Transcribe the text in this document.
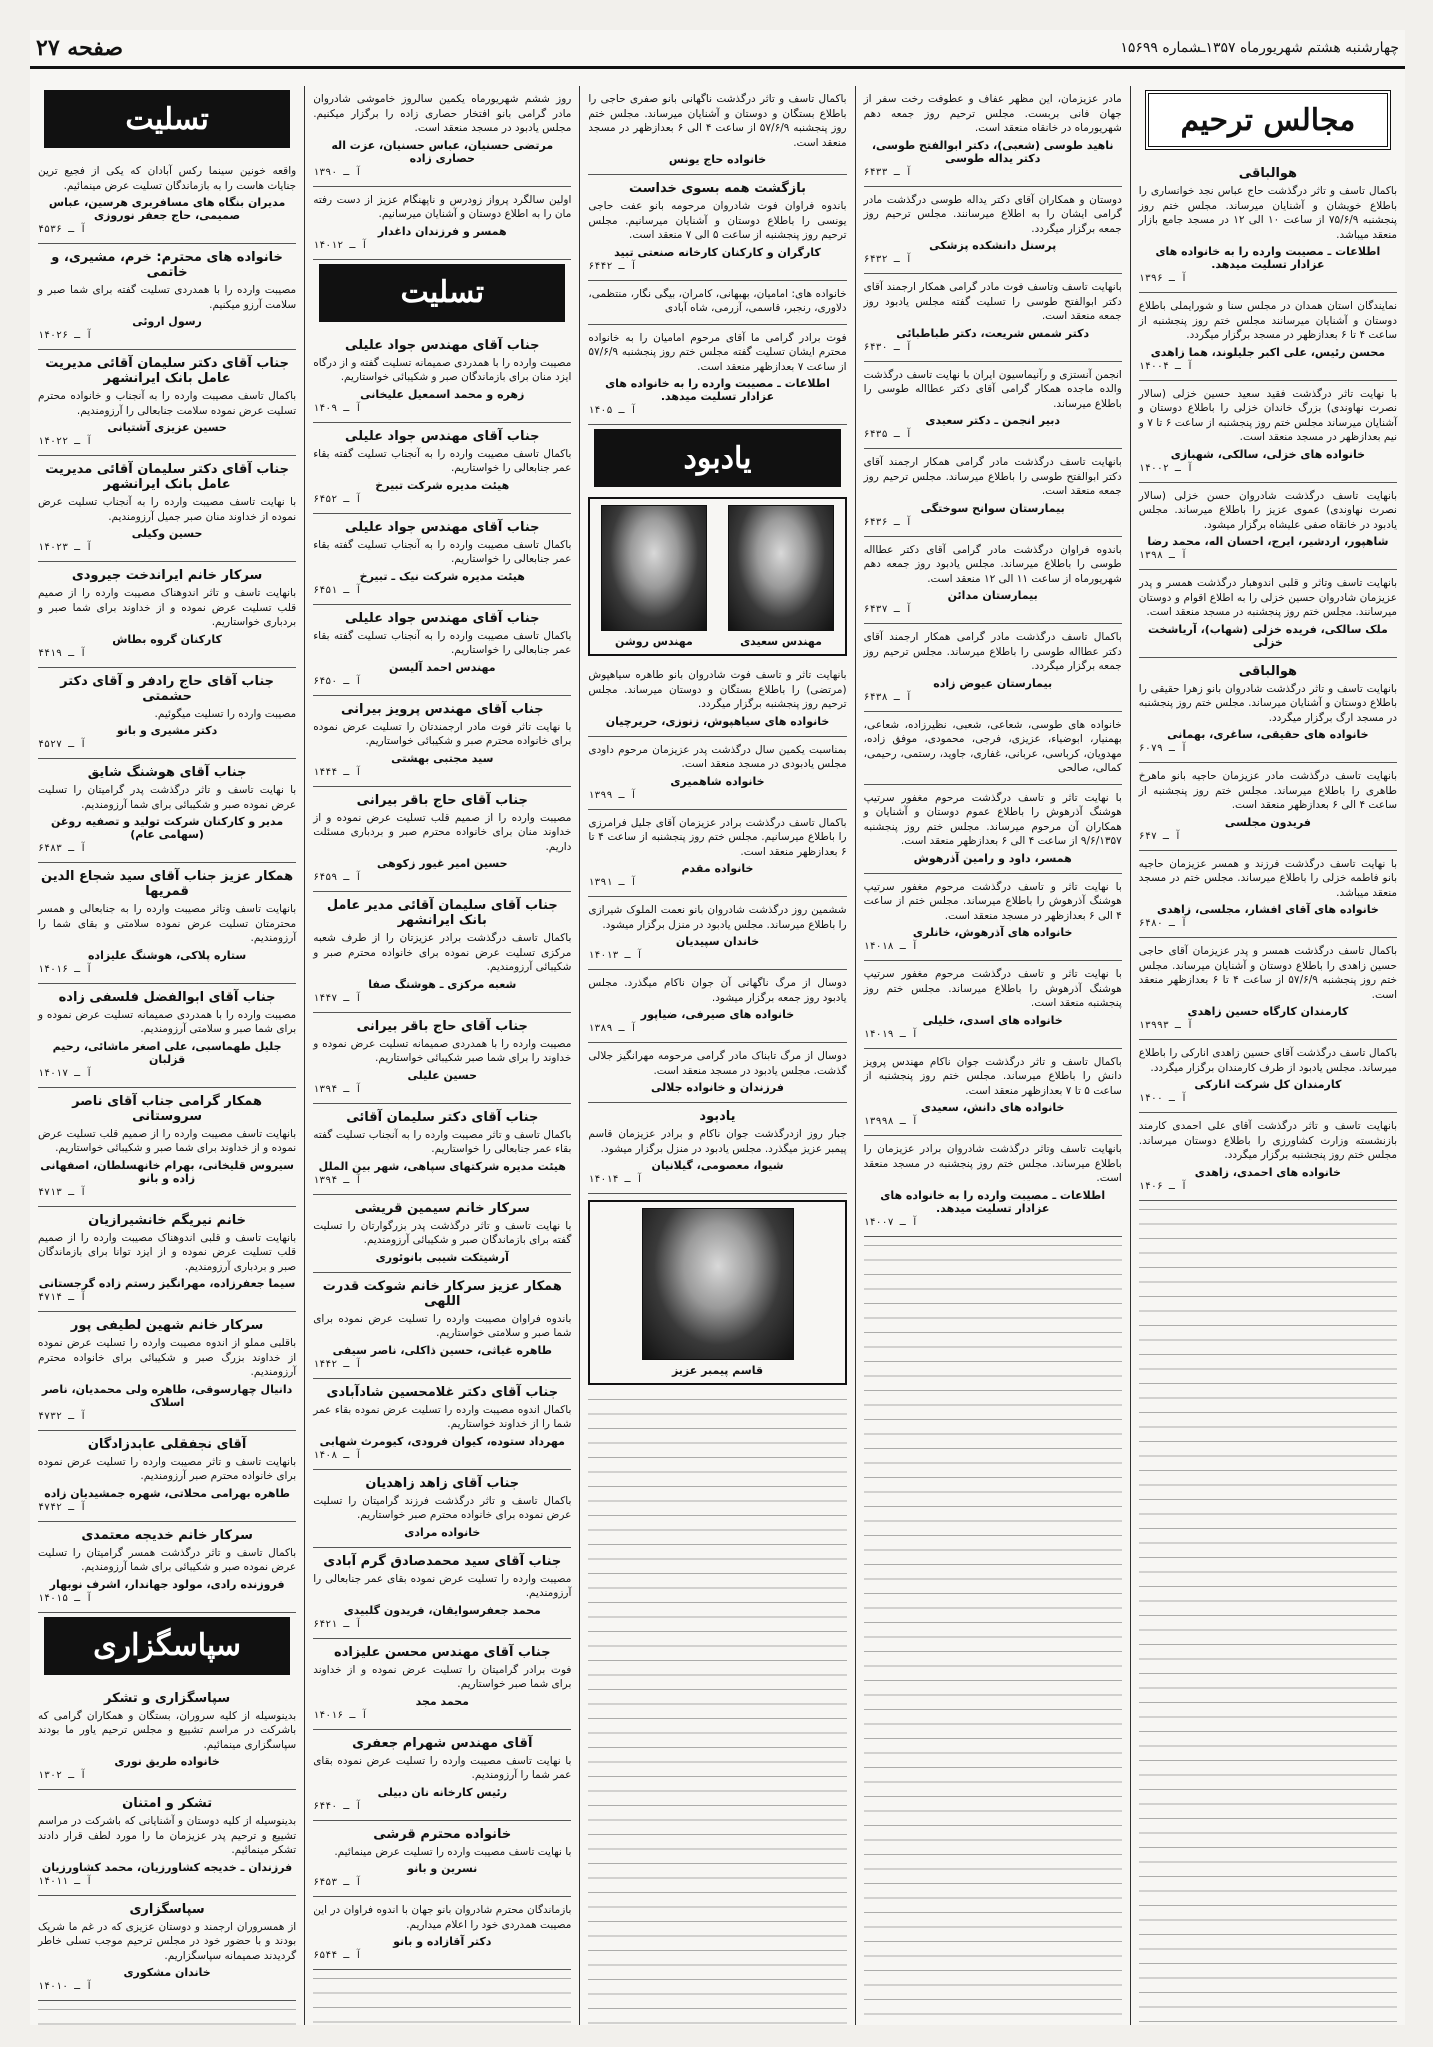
چهارشنبه هشتم شهریورماه ۱۳۵۷ـشماره ۱۵۶۹۹
صفحه ۲۷
مجالس ترحیم
هوالباقی
باکمال تاسف و تاثر درگذشت حاج عباس نجد خوانساری را باطلاع خویشان و آشنایان میرساند. مجلس ختم روز پنجشنبه ۷۵/۶/۹ از ساعت ۱۰ الی ۱۲ در مسجد جامع بازار منعقد میباشد.
اطلاعات ـ مصیبت وارده را به خانواده های عزادار تسلیت میدهد.
آ ـ ۱۳۹۶
نمایندگان استان همدان در مجلس سنا و شورایملی باطلاع دوستان و آشنایان میرسانند مجلس ختم روز پنجشنبه از ساعت ۴ تا ۶ بعدازظهر در مسجد برگزار میگردد.
محسن رئیس، علی اکبر جلیلوند، هما زاهدی
آ ـ ۱۴۰۰۴
با نهایت تاثر درگذشت فقید سعید حسین خزلی (سالار نصرت نهاوندی) بزرگ خاندان خزلی را باطلاع دوستان و آشنایان میرساند مجلس ختم روز پنجشنبه از ساعت ۶ تا ۷ و نیم بعدازظهر در مسجد منعقد است.
خانواده های خزلی، سالکی، شهبازی
آ ـ ۱۴۰۰۲
بانهایت تاسف درگذشت شادروان حسن خزلی (سالار نصرت نهاوندی) عموی عزیز را باطلاع میرساند. مجلس یادبود در خانقاه صفی علیشاه برگزار میشود.
شاهپور، اردشیر، ایرج، احسان اله، محمد رضا
آ ـ ۱۳۹۸
بانهایت تاسف وتاثر و قلبی اندوهبار درگذشت همسر و پدر عزیزمان شادروان حسین خزلی را به اطلاع اقوام و دوستان میرسانند. مجلس ختم روز پنجشنبه در مسجد منعقد است.
ملک سالکی، فریده خزلی (شهاب)، آریاشخت خزلی
هوالباقی
بانهایت تاسف و تاثر درگذشت شادروان بانو زهرا حقیقی را باطلاع دوستان و آشنایان میرساند. مجلس ختم روز پنجشنبه در مسجد ارگ برگزار میگردد.
خانواده های حقیقی، ساغری، بهمانی
آ ـ ۶۰۷۹
بانهایت تاسف درگذشت مادر عزیزمان حاجیه بانو ماهرخ طاهری را باطلاع میرساند. مجلس ختم روز پنجشنبه از ساعت ۴ الی ۶ بعدازظهر منعقد است.
فریدون مجلسی
آ ـ ۶۴۷
با نهایت تاسف درگذشت فرزند و همسر عزیزمان حاجیه بانو فاطمه خزلی را باطلاع میرساند. مجلس ختم در مسجد منعقد میباشد.
خانواده های آقای افشار، مجلسی، زاهدی
آ ـ ۶۴۸۰
باکمال تاسف درگذشت همسر و پدر عزیزمان آقای حاجی حسین زاهدی را باطلاع دوستان و آشنایان میرساند. مجلس ختم روز پنجشنبه ۵۷/۶/۹ از ساعت ۴ تا ۶ بعدازظهر منعقد است.
کارمندان کارگاه حسین زاهدی
آ ـ ۱۳۹۹۳
باکمال تاسف درگذشت آقای حسین زاهدی انارکی را باطلاع میرساند. مجلس یادبود از طرف کارمندان برگزار میگردد.
کارمندان کل شرکت انارکی
آ ـ ۱۴۰۰
بانهایت تاسف و تاثر درگذشت آقای علی احمدی کارمند بازنشسته وزارت کشاورزی را باطلاع دوستان میرساند. مجلس ختم روز پنجشنبه برگزار میگردد.
خانواده های احمدی، زاهدی
آ ـ ۱۴۰۶
مادر عزیزمان، این مظهر عفاف و عطوفت رخت سفر از جهان فانی بربست. مجلس ترحیم روز جمعه دهم شهریورماه در خانقاه منعقد است.
ناهید طوسی (شعبی)، دکتر ابوالفتح طوسی، دکتر یداله طوسی
آ ـ ۶۴۳۳
دوستان و همکاران آقای دکتر یداله طوسی درگذشت مادر گرامی ایشان را به اطلاع میرسانند. مجلس ترحیم روز جمعه برگزار میگردد.
پرسنل دانشکده پزشکی
آ ـ ۶۴۳۲
بانهایت تاسف وتاسف فوت مادر گرامی همکار ارجمند آقای دکتر ابوالفتح طوسی را تسلیت گفته مجلس یادبود روز جمعه منعقد است.
دکتر شمس شریعت، دکتر طباطبائی
آ ـ ۶۴۳۰
انجمن آنستزی و رآنیماسیون ایران با نهایت تاسف درگذشت والده ماجده همکار گرامی آقای دکتر عطااله طوسی را باطلاع میرساند.
دبیر انجمن ـ دکتر سعیدی
آ ـ ۶۴۳۵
بانهایت تاسف درگذشت مادر گرامی همکار ارجمند آقای دکتر ابوالفتح طوسی را باطلاع میرساند. مجلس ترحیم روز جمعه منعقد است.
بیمارستان سوانح سوختگی
آ ـ ۶۴۳۶
باندوه فراوان درگذشت مادر گرامی آقای دکتر عطااله طوسی را باطلاع میرساند. مجلس یادبود روز جمعه دهم شهریورماه از ساعت ۱۱ الی ۱۲ منعقد است.
بیمارستان مدائن
آ ـ ۶۴۳۷
باکمال تاسف درگذشت مادر گرامی همکار ارجمند آقای دکتر عطااله طوسی را باطلاع میرساند. مجلس ترحیم روز جمعه برگزار میگردد.
بیمارستان عیوض زاده
آ ـ ۶۴۳۸
خانواده های طوسی، شعاعی، شعبی، نظیرزاده، شعاعی، بهمنیار، ابوضیاء، عزیزی، فرجی، محمودی، موفق زاده، مهدویان، کرباسی، عربانی، غفاری، جاوید، رستمی، رحیمی، کمالی، صالحی
با نهایت تاثر و تاسف درگذشت مرحوم مغفور سرتیپ هوشنگ آذرهوش را باطلاع عموم دوستان و آشنایان و همکاران آن مرحوم میرساند. مجلس ختم روز پنجشنبه ۹/۶/۱۳۵۷ از ساعت ۴ الی ۶ بعدازظهر منعقد است.
همسر، داود و رامین آذرهوش
با نهایت تاثر و تاسف درگذشت مرحوم مغفور سرتیپ هوشنگ آذرهوش را باطلاع میرساند. مجلس ختم از ساعت ۴ الی ۶ بعدازظهر در مسجد منعقد است.
خانواده های آذرهوش، خانلری
آ ـ ۱۴۰۱۸
با نهایت تاثر و تاسف درگذشت مرحوم مغفور سرتیپ هوشنگ آذرهوش را باطلاع میرساند. مجلس ختم روز پنجشنبه منعقد است.
خانواده های اسدی، خلیلی
آ ـ ۱۴۰۱۹
باکمال تاسف و تاثر درگذشت جوان ناکام مهندس پرویز دانش را باطلاع میرساند. مجلس ختم روز پنجشنبه از ساعت ۵ تا ۷ بعدازظهر منعقد است.
خانواده های دانش، سعیدی
آ ـ ۱۳۹۹۸
بانهایت تاسف وتاثر درگذشت شادروان برادر عزیزمان را باطلاع میرساند. مجلس ختم روز پنجشنبه در مسجد منعقد است.
اطلاعات ـ مصیبت وارده را به خانواده های عزادار تسلیت میدهد.
آ ـ ۱۴۰۰۷
باکمال تاسف و تاثر درگذشت ناگهانی بانو صفری حاجی را باطلاع بستگان و دوستان و آشنایان میرساند. مجلس ختم روز پنجشنبه ۵۷/۶/۹ از ساعت ۴ الی ۶ بعدازظهر در مسجد منعقد است.
خانواده حاج یونس
بازگشت همه بسوی خداست
باندوه فراوان فوت شادروان مرحومه بانو عفت حاجی یونسی را باطلاع دوستان و آشنایان میرسانیم. مجلس ترحیم روز پنجشنبه از ساعت ۵ الی ۷ منعقد است.
کارگران و کارکنان کارخانه صنعتی تبید
آ ـ ۶۴۴۲
خانواده های: امامیان، بهبهانی، کامران، بیگی نگار، منتظمی، دلاوری، رنجبر، قاسمی، آزرمی، شاه آبادی
فوت برادر گرامی ما آقای مرحوم امامیان را به خانواده محترم ایشان تسلیت گفته مجلس ختم روز پنجشنبه ۵۷/۶/۹ از ساعت ۷ بعدازظهر منعقد است.
اطلاعات ـ مصیبت وارده را به خانواده های عزادار تسلیت میدهد.
آ ـ ۱۴۰۵
یادبود
مهندس سعیدی
مهندس روشن
بانهایت تاثر و تاسف فوت شادروان بانو طاهره سیاهپوش (مرتضی) را باطلاع بستگان و دوستان میرساند. مجلس ترحیم روز پنجشنبه برگزار میگردد.
خانواده های سیاهپوش، زنوزی، حریرچیان
بمناسبت یکمین سال درگذشت پدر عزیزمان مرحوم داودی مجلس یادبودی در مسجد منعقد است.
خانواده شاهمیری
آ ـ ۱۳۹۹
باکمال تاسف درگذشت برادر عزیزمان آقای جلیل فرامرزی را باطلاع میرسانیم. مجلس ختم روز پنجشنبه از ساعت ۴ تا ۶ بعدازظهر منعقد است.
خانواده مقدم
آ ـ ۱۳۹۱
ششمین روز درگذشت شادروان بانو نعمت الملوک شیرازی را باطلاع میرساند. مجلس یادبود در منزل برگزار میشود.
خاندان سپیدیان
آ ـ ۱۴۰۱۳
دوسال از مرگ ناگهانی آن جوان ناکام میگذرد. مجلس یادبود روز جمعه برگزار میشود.
خانواده های صیرفی، ضیاپور
آ ـ ۱۳۸۹
دوسال از مرگ تابناک مادر گرامی مرحومه مهرانگیز جلالی گذشت. مجلس یادبود در مسجد منعقد است.
فرزندان و خانواده جلالی
یادبود
جبار روز ازدرگذشت جوان ناکام و برادر عزیزمان قاسم پیمبر عزیز میگذرد. مجلس یادبود در منزل برگزار میشود.
شیوا، معصومی، گیلانیان
آ ـ ۱۴۰۱۴
قاسم پیمبر عزیز
روز ششم شهریورماه یکمین سالروز خاموشی شادروان مادر گرامی بانو افتخار حصاری زاده را برگزار میکنیم. مجلس یادبود در مسجد منعقد است.
مرتضی حسنیان، عباس حسنیان، عزت اله حصاری زاده
آ ـ ۱۳۹۰
اولین سالگرد پرواز زودرس و ناپهنگام عزیز از دست رفته مان را به اطلاع دوستان و آشنایان میرسانیم.
همسر و فرزندان داغدار
آ ـ ۱۴۰۱۲
تسلیت
جناب آقای مهندس جواد علیلی
مصیبت وارده را با همدردی صمیمانه تسلیت گفته و از درگاه ایزد منان برای بازماندگان صبر و شکیبائی خواستاریم.
زهره و محمد اسمعیل علیخانی
آ ـ ۱۴۰۹
جناب آقای مهندس جواد علیلی
باکمال تاسف مصیبت وارده را به آنجناب تسلیت گفته بقاء عمر جنابعالی را خواستاریم.
هیئت مدیره شرکت تبیرخ
آ ـ ۶۴۵۲
جناب آقای مهندس جواد علیلی
باکمال تاسف مصیبت وارده را به آنجناب تسلیت گفته بقاء عمر جنابعالی را خواستاریم.
هیئت مدیره شرکت نیک ـ تبیرخ
آ ـ ۶۴۵۱
جناب آقای مهندس جواد علیلی
باکمال تاسف مصیبت وارده را به آنجناب تسلیت گفته بقاء عمر جنابعالی را خواستاریم.
مهندس احمد آلیسن
آ ـ ۶۴۵۰
جناب آقای مهندس پرویز بیرانی
با نهایت تاثر فوت مادر ارجمندتان را تسلیت عرض نموده برای خانواده محترم صبر و شکیبائی خواستاریم.
سید مجتبی بهشتی
آ ـ ۱۴۴۴
جناب آقای حاج باقر بیرانی
مصیبت وارده را از صمیم قلب تسلیت عرض نموده و از خداوند منان برای خانواده محترم صبر و بردباری مسئلت داریم.
حسین امیر غیور زکوهی
آ ـ ۶۴۵۹
جناب آقای سلیمان آقائی مدیر عامل بانک ایرانشهر
باکمال تاسف درگذشت برادر عزیزتان را از طرف شعبه مرکزی تسلیت عرض نموده برای خانواده محترم صبر و شکیبائی آرزومندیم.
شعبه مرکزی ـ هوشنگ صفا
آ ـ ۱۴۴۷
جناب آقای حاج باقر بیرانی
مصیبت وارده را با همدردی صمیمانه تسلیت عرض نموده و خداوند را برای شما صبر شکیبائی خواستاریم.
حسین علیلی
آ ـ ۱۳۹۴
جناب آقای دکتر سلیمان آقائی
باکمال تاسف و تاثر مصیبت وارده را به آنجناب تسلیت گفته بقاء عمر جنابعالی را خواستاریم.
هیئت مدیره شرکتهای سپاهی، شهر بین الملل
آ ـ ۱۳۹۴
سرکار خانم سیمین قریشی
با نهایت تاسف و تاثر درگذشت پدر بزرگوارتان را تسلیت گفته برای بازماندگان صبر و شکیبائی آرزومندیم.
آرشیتکت شیبی بانوئوری
همکار عزیز سرکار خانم شوکت قدرت اللهی
باندوه فراوان مصیبت وارده را تسلیت عرض نموده برای شما صبر و سلامتی خواستاریم.
طاهره غیاثی، حسین ذاکلی، ناصر سیفی
آ ـ ۱۴۴۲
جناب آقای دکتر غلامحسین شادآبادی
باکمال اندوه مصیبت وارده را تسلیت عرض نموده بقاء عمر شما را از خداوند خواستاریم.
مهرداد ستوده، کیوان فرودی، کیومرث شهابی
آ ـ ۱۴۰۸
جناب آقای زاهد زاهدیان
باکمال تاسف و تاثر درگذشت فرزند گرامیتان را تسلیت عرض نموده برای خانواده محترم صبر خواستاریم.
خانواده مرادی
جناب آقای سید محمدصادق گرم آبادی
مصیبت وارده را تسلیت عرض نموده بقای عمر جنابعالی را آرزومندیم.
محمد جعفرسوایقان، فریدون گلبیدی
آ ـ ۶۴۲۱
جناب آقای مهندس محسن علیزاده
فوت برادر گرامیتان را تسلیت عرض نموده و از خداوند برای شما صبر خواستاریم.
محمد مجد
آ ـ ۱۴۰۱۶
آقای مهندس شهرام جعفری
با نهایت تاسف مصیبت وارده را تسلیت عرض نموده بقای عمر شما را آرزومندیم.
رئیس کارخانه نان دبیلی
آ ـ ۶۴۴۰
خانواده محترم قرشی
با نهایت تاسف مصیبت وارده را تسلیت عرض مینمائیم.
نسرین و بانو
آ ـ ۶۴۵۳
بازماندگان محترم شادروان بانو جهان با اندوه فراوان در این مصیبت همدردی خود را اعلام میداریم.
دکتر آقازاده و بانو
آ ـ ۶۵۴۴
تسلیت
واقعه خونین سینما رکس آبادان که یکی از فجیع ترین جنایات هاست را به بازماندگان تسلیت عرض مینمائیم.
مدیران بنگاه های مسافربری هرسین، عباس صمیمی، حاج جعفر نوروزی
آ ـ ۴۵۳۶
خانواده های محترم: خرم، مشیری، و خاتمی
مصیبت وارده را با همدردی تسلیت گفته برای شما صبر و سلامت آرزو میکنیم.
رسول اروئی
آ ـ ۱۴۰۲۶
جناب آقای دکتر سلیمان آقائی مدیریت عامل بانک ایرانشهر
باکمال تاسف مصیبت وارده را به آنجناب و خانواده محترم تسلیت عرض نموده سلامت جنابعالی را آرزومندیم.
حسین عزیزی آشتیانی
آ ـ ۱۴۰۲۲
جناب آقای دکتر سلیمان آقائی مدیریت عامل بانک ایرانشهر
با نهایت تاسف مصیبت وارده را به آنجناب تسلیت عرض نموده از خداوند منان صبر جمیل آرزومندیم.
حسین وکیلی
آ ـ ۱۴۰۲۳
سرکار خانم ایراندخت جیرودی
بانهایت تاسف و تاثر اندوهناک مصیبت وارده را از صمیم قلب تسلیت عرض نموده و از خداوند برای شما صبر و بردباری خواستاریم.
کارکنان گروه بطاش
آ ـ ۴۴۱۹
جناب آقای حاج رادفر و آقای دکتر حشمتی
مصیبت وارده را تسلیت میگوئیم.
دکتر مشیری و بانو
آ ـ ۴۵۲۷
جناب آقای هوشنگ شایق
با نهایت تاسف و تاثر درگذشت پدر گرامیتان را تسلیت عرض نموده صبر و شکیبائی برای شما آرزومندیم.
مدیر و کارکنان شرکت تولید و تصفیه روغن (سهامی عام)
آ ـ ۶۴۸۳
همکار عزیز جناب آقای سید شجاع الدین قمریها
بانهایت تاسف وتاثر مصیبت وارده را به جنابعالی و همسر محترمتان تسلیت عرض نموده سلامتی و بقای شما را آرزومندیم.
ستاره پلاکی، هوشنگ علیزاده
آ ـ ۱۴۰۱۶
جناب آقای ابوالفضل فلسفی زاده
مصیبت وارده را با همدردی صمیمانه تسلیت عرض نموده و برای شما صبر و سلامتی آرزومندیم.
جلیل طهماسبی، علی اصغر ماشائی، رحیم قزلبان
آ ـ ۱۴۰۱۷
همکار گرامی جناب آقای ناصر سروستانی
بانهایت تاسف مصیبت وارده را از صمیم قلب تسلیت عرض نموده و از خداوند برای شما صبر و شکیبائی خواستاریم.
سیروس قلیخانی، بهرام خانهسلطان، اصفهانی زاده و بانو
آ ـ ۴۷۱۳
خانم نیریگم خانشیرازیان
بانهایت تاسف و قلبی اندوهناک مصیبت وارده را از صمیم قلب تسلیت عرض نموده و از ایزد توانا برای بازماندگان صبر و بردباری آرزومندیم.
سیما جعفرزاده، مهرانگیز رستم زاده گرجستانی
آ ـ ۴۷۱۴
سرکار خانم شهین لطیفی پور
باقلبی مملو از اندوه مصیبت وارده را تسلیت عرض نموده از خداوند بزرگ صبر و شکیبائی برای خانواده محترم آرزومندیم.
دانیال چهارسوقی، طاهره ولی محمدیان، ناصر اسلاک
آ ـ ۴۷۳۲
آقای نجفقلی عابدزادگان
بانهایت تاسف و تاثر مصیبت وارده را تسلیت عرض نموده برای خانواده محترم صبر آرزومندیم.
طاهره بهرامی محلاتی، شهره جمشیدیان زاده
آ ـ ۴۷۴۲
سرکار خانم خدیجه معتمدی
باکمال تاسف و تاثر درگذشت همسر گرامیتان را تسلیت عرض نموده صبر و شکیبائی برای شما آرزومندیم.
فروزنده رادی، مولود جهاندار، اشرف نوبهار
آ ـ ۱۴۰۱۵
سپاسگزاری
سپاسگزاری و تشکر
بدینوسیله از کلیه سروران، بستگان و همکاران گرامی که باشرکت در مراسم تشییع و مجلس ترحیم یاور ما بودند سپاسگزاری مینمائیم.
خانواده طریق نوری
آ ـ ۱۳۰۲
تشکر و امتنان
بدینوسیله از کلیه دوستان و آشنایانی که باشرکت در مراسم تشییع و ترحیم پدر عزیزمان ما را مورد لطف قرار دادند تشکر مینمائیم.
فرزندان ـ خدیجه کشاورزیان، محمد کشاورزیان
آ ـ ۱۴۰۱۱
سپاسگزاری
از همسروران ارجمند و دوستان عزیزی که در غم ما شریک بودند و با حضور خود در مجلس ترحیم موجب تسلی خاطر گردیدند صمیمانه سپاسگزاریم.
خاندان مشکوری
آ ـ ۱۴۰۱۰
